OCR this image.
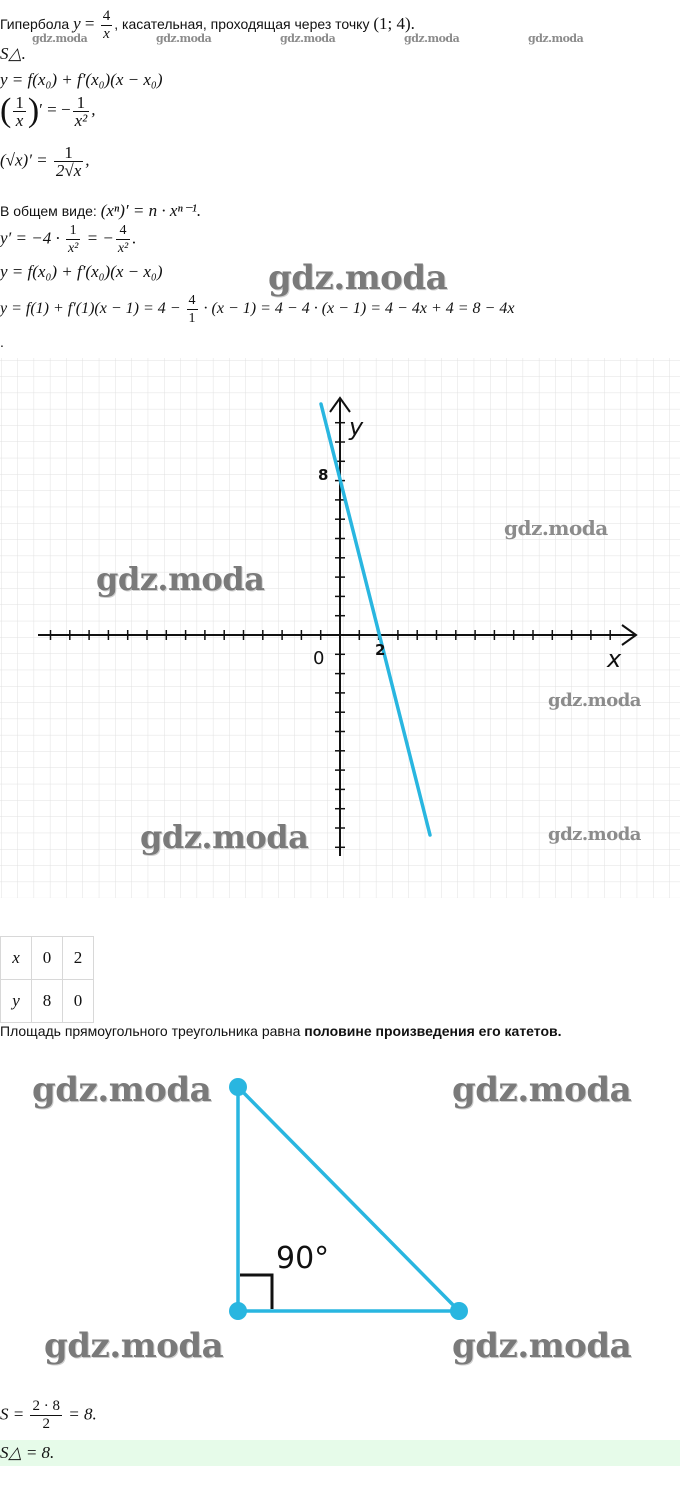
Гипербола $y = \frac{4}{x}$ , касательная, проходящая через точку (1; 4).
S△.
y = f(x₀) + f′(x₀)(x − x₀)
( $\frac{1}{x}$ )′ = − $\frac{1}{\text{x²}}$ ,
$(√x)' = \frac{1}{2√x}$ ,
В общем виде: (xⁿ)′ = n · xⁿ⁻¹.
$y' = -4 \cdot \frac{1}{\text{x²}}$ = − $\frac{4}{\text{x²}}$ .
y = f(x₀) + f′(x₀)(x − x₀)
$y = f(1) + f'(1)(x - 1) = 4 - \frac{4}{1} \cdot (x - 1) = 4 - 4 \cdot (x - 1) = 4 - 4x + 4 = 8 - 4x$
.
y
x
8
0	2
gdz.moda
gdz.moda
gdz.moda
gdz.moda	gdz.moda
gdz.moda
gdz.moda	gdz.moda	gdz.moda	gdz.moda	gdz.moda
x	0	2
y	8	0
Площадь прямоугольного треугольника равна половине произведения его катетов.
90°
gdz.moda	gdz.moda
gdz.moda	gdz.moda
$S = \frac{2 \cdot 8}{2} = 8$.
S△ = 8.
